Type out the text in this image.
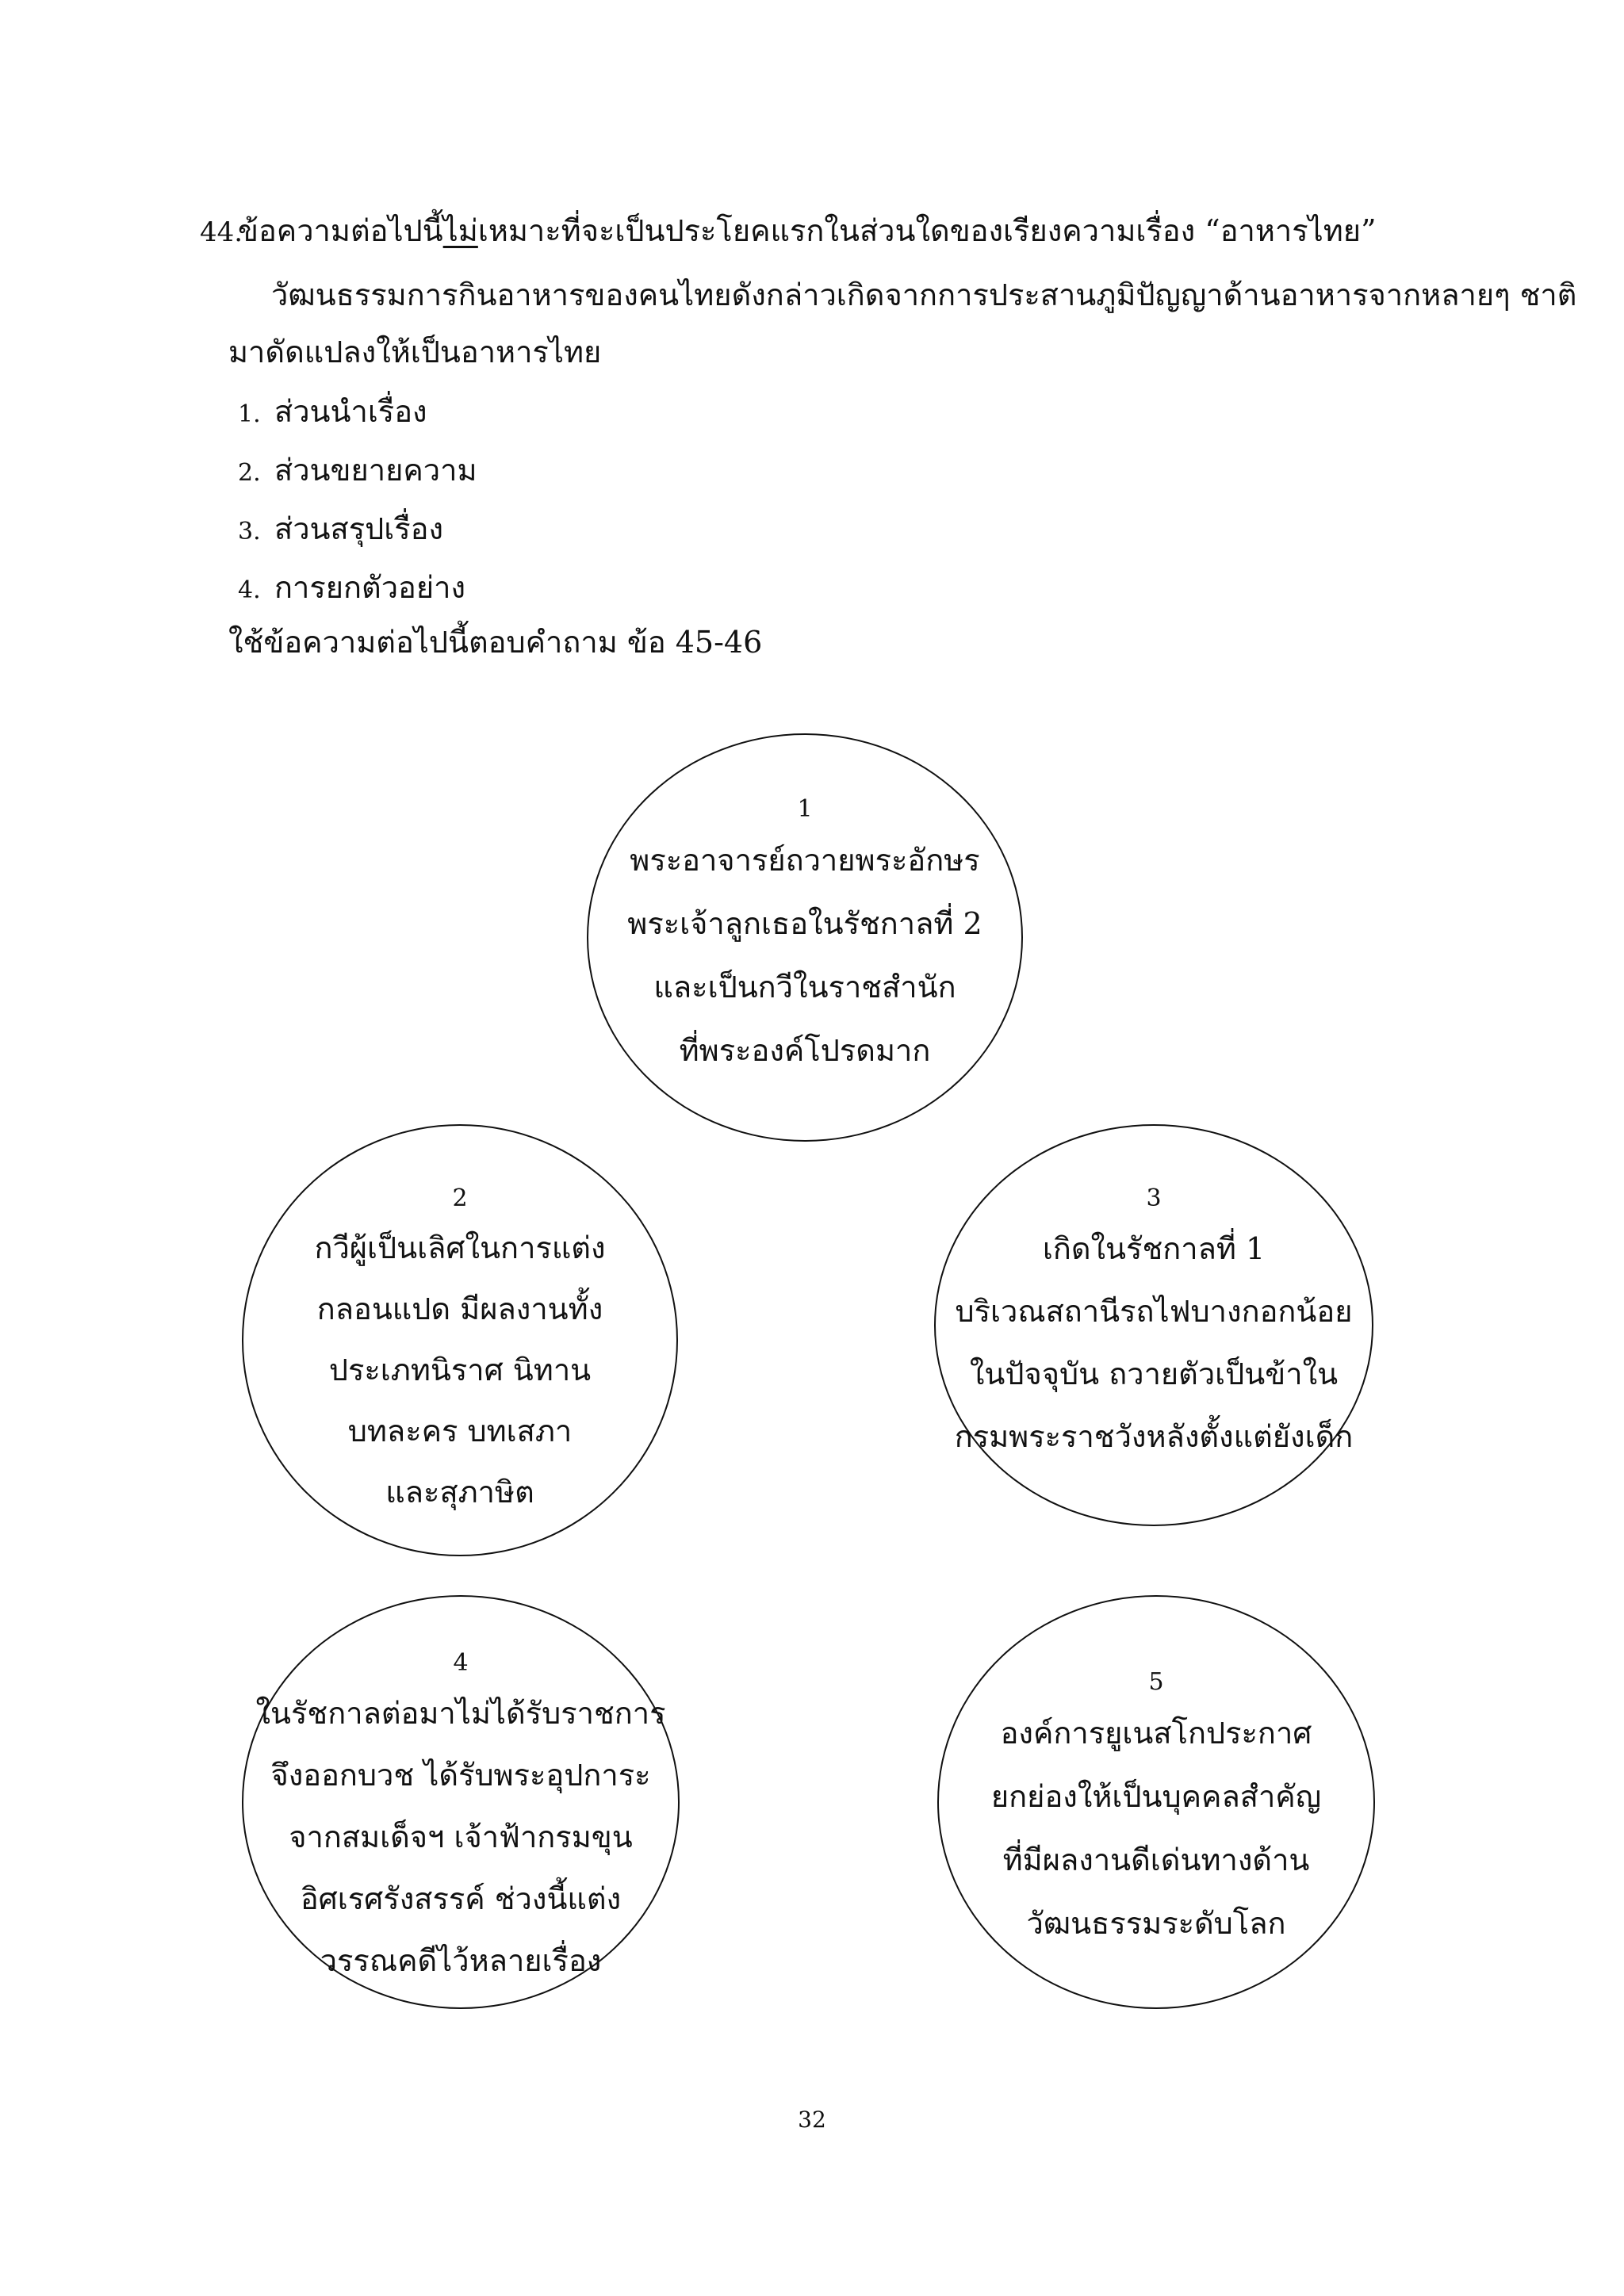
44.
ข้อความต่อไปนี้ไม่เหมาะที่จะเป็นประโยคแรกในส่วนใดของเรียงความเรื่อง “อาหารไทย”
วัฒนธรรมการกินอาหารของคนไทยดังกล่าวเกิดจากการประสานภูมิปัญญาด้านอาหารจากหลายๆ ชาติ
มาดัดแปลงให้เป็นอาหารไทย
1. ส่วนนำเรื่อง
2. ส่วนขยายความ
3. ส่วนสรุปเรื่อง
4. การยกตัวอย่าง
ใช้ข้อความต่อไปนี้ตอบคำถาม ข้อ 45-46
1
พระอาจารย์ถวายพระอักษร
พระเจ้าลูกเธอในรัชกาลที่ 2
และเป็นกวีในราชสำนัก
ที่พระองค์โปรดมาก
2
กวีผู้เป็นเลิศในการแต่ง
กลอนแปด มีผลงานทั้ง
ประเภทนิราศ นิทาน
บทละคร บทเสภา
และสุภาษิต
3
เกิดในรัชกาลที่ 1
บริเวณสถานีรถไฟบางกอกน้อย
ในปัจจุบัน ถวายตัวเป็นข้าใน
กรมพระราชวังหลังตั้งแต่ยังเด็ก
4
ในรัชกาลต่อมาไม่ได้รับราชการ
จึงออกบวช ได้รับพระอุปการะ
จากสมเด็จฯ เจ้าฟ้ากรมขุน
อิศเรศรังสรรค์ ช่วงนี้แต่ง
วรรณคดีไว้หลายเรื่อง
5
องค์การยูเนสโกประกาศ
ยกย่องให้เป็นบุคคลสำคัญ
ที่มีผลงานดีเด่นทางด้าน
วัฒนธรรมระดับโลก
32
